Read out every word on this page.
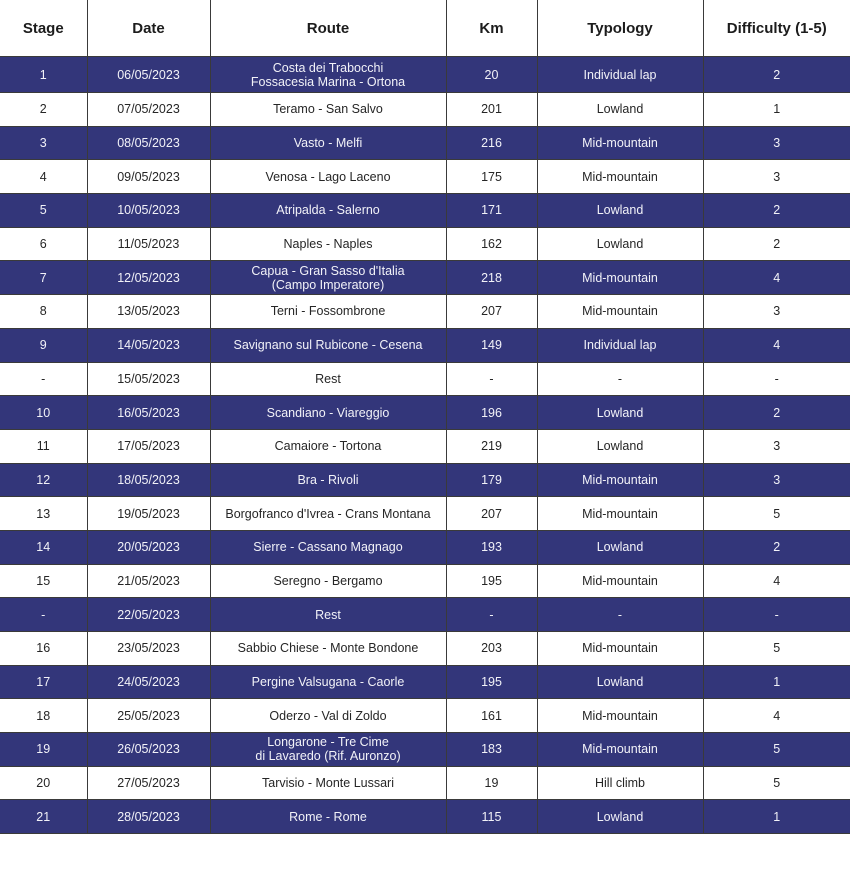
Stage	Date	Route	Km	Typology	Difficulty (1-5)
1	06/05/2023	Costa dei Trabocchi
Fossacesia Marina - Ortona	20	Individual lap	2
2	07/05/2023	Teramo - San Salvo	201	Lowland	1
3	08/05/2023	Vasto - Melfi	216	Mid-mountain	3
4	09/05/2023	Venosa - Lago Laceno	175	Mid-mountain	3
5	10/05/2023	Atripalda - Salerno	171	Lowland	2
6	11/05/2023	Naples - Naples	162	Lowland	2
7	12/05/2023	Capua - Gran Sasso d'Italia
(Campo Imperatore)	218	Mid-mountain	4
8	13/05/2023	Terni - Fossombrone	207	Mid-mountain	3
9	14/05/2023	Savignano sul Rubicone - Cesena	149	Individual lap	4
-	15/05/2023	Rest	-	-	-
10	16/05/2023	Scandiano - Viareggio	196	Lowland	2
11	17/05/2023	Camaiore - Tortona	219	Lowland	3
12	18/05/2023	Bra - Rivoli	179	Mid-mountain	3
13	19/05/2023	Borgofranco d'Ivrea - Crans Montana	207	Mid-mountain	5
14	20/05/2023	Sierre - Cassano Magnago	193	Lowland	2
15	21/05/2023	Seregno - Bergamo	195	Mid-mountain	4
-	22/05/2023	Rest	-	-	-
16	23/05/2023	Sabbio Chiese - Monte Bondone	203	Mid-mountain	5
17	24/05/2023	Pergine Valsugana - Caorle	195	Lowland	1
18	25/05/2023	Oderzo - Val di Zoldo	161	Mid-mountain	4
19	26/05/2023	Longarone - Tre Cime
di Lavaredo (Rif. Auronzo)	183	Mid-mountain	5
20	27/05/2023	Tarvisio - Monte Lussari	19	Hill climb	5
21	28/05/2023	Rome - Rome	115	Lowland	1
